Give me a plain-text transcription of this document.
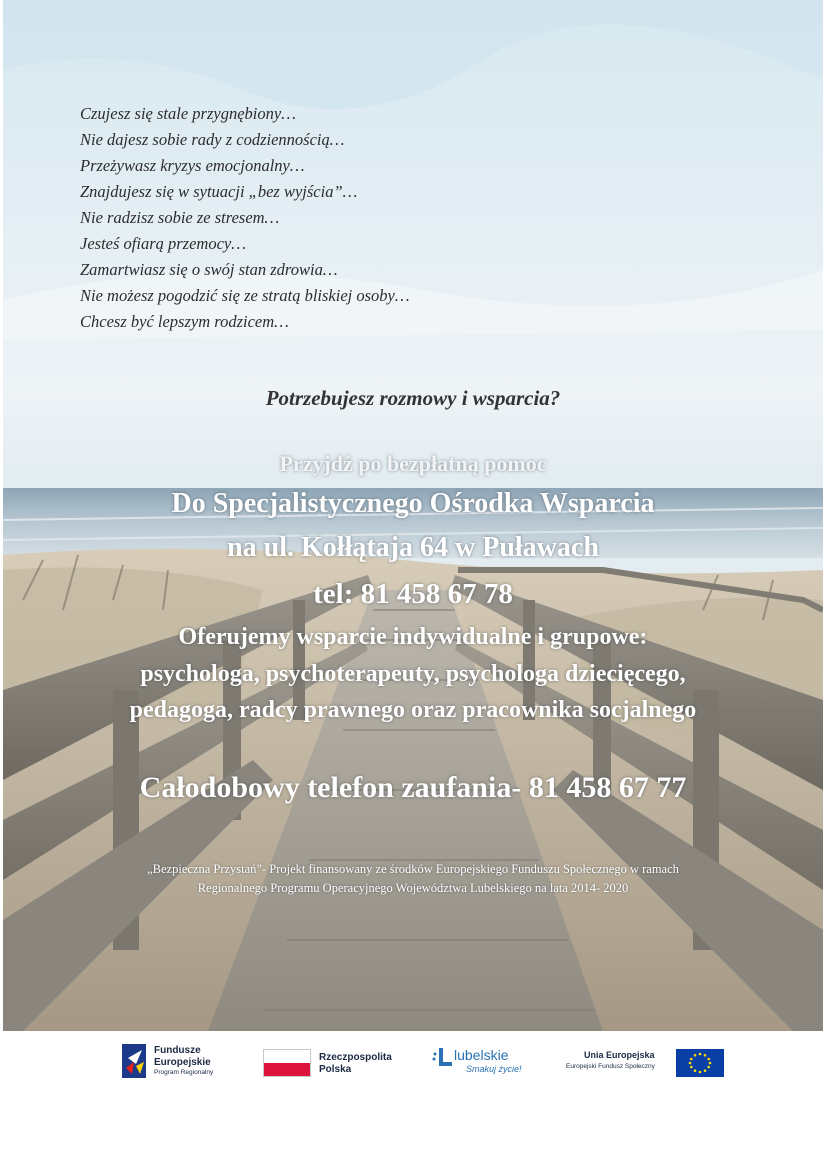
Czujesz się stale przygnębiony…
Nie dajesz sobie rady z codziennością…
Przeżywasz kryzys emocjonalny…
Znajdujesz się w sytuacji „bez wyjścia”…
Nie radzisz sobie ze stresem…
Jesteś ofiarą przemocy…
Zamartwiasz się o swój stan zdrowia…
Nie możesz pogodzić się ze stratą bliskiej osoby…
Chcesz być lepszym rodzicem…
Potrzebujesz rozmowy i wsparcia?
Przyjdź po bezpłatną pomoc
Do Specjalistycznego Ośrodka Wsparcia
na ul. Kołłątaja 64 w Puławach
tel: 81 458 67 78
Oferujemy wsparcie indywidualne i grupowe:
psychologa, psychoterapeuty, psychologa dziecięcego,
pedagoga, radcy prawnego oraz pracownika socjalnego
Całodobowy telefon zaufania- 81 458 67 77
„Bezpieczna Przystań”- Projekt finansowany ze środków Europejskiego Funduszu Społecznego w ramach
Regionalnego Programu Operacyjnego Województwa Lubelskiego na lata 2014- 2020
Fundusze
Europejskie
Program Regionalny
Rzeczpospolita
Polska
lubelskie
Smakuj życie!
Unia Europejska
Europejski Fundusz Społeczny
